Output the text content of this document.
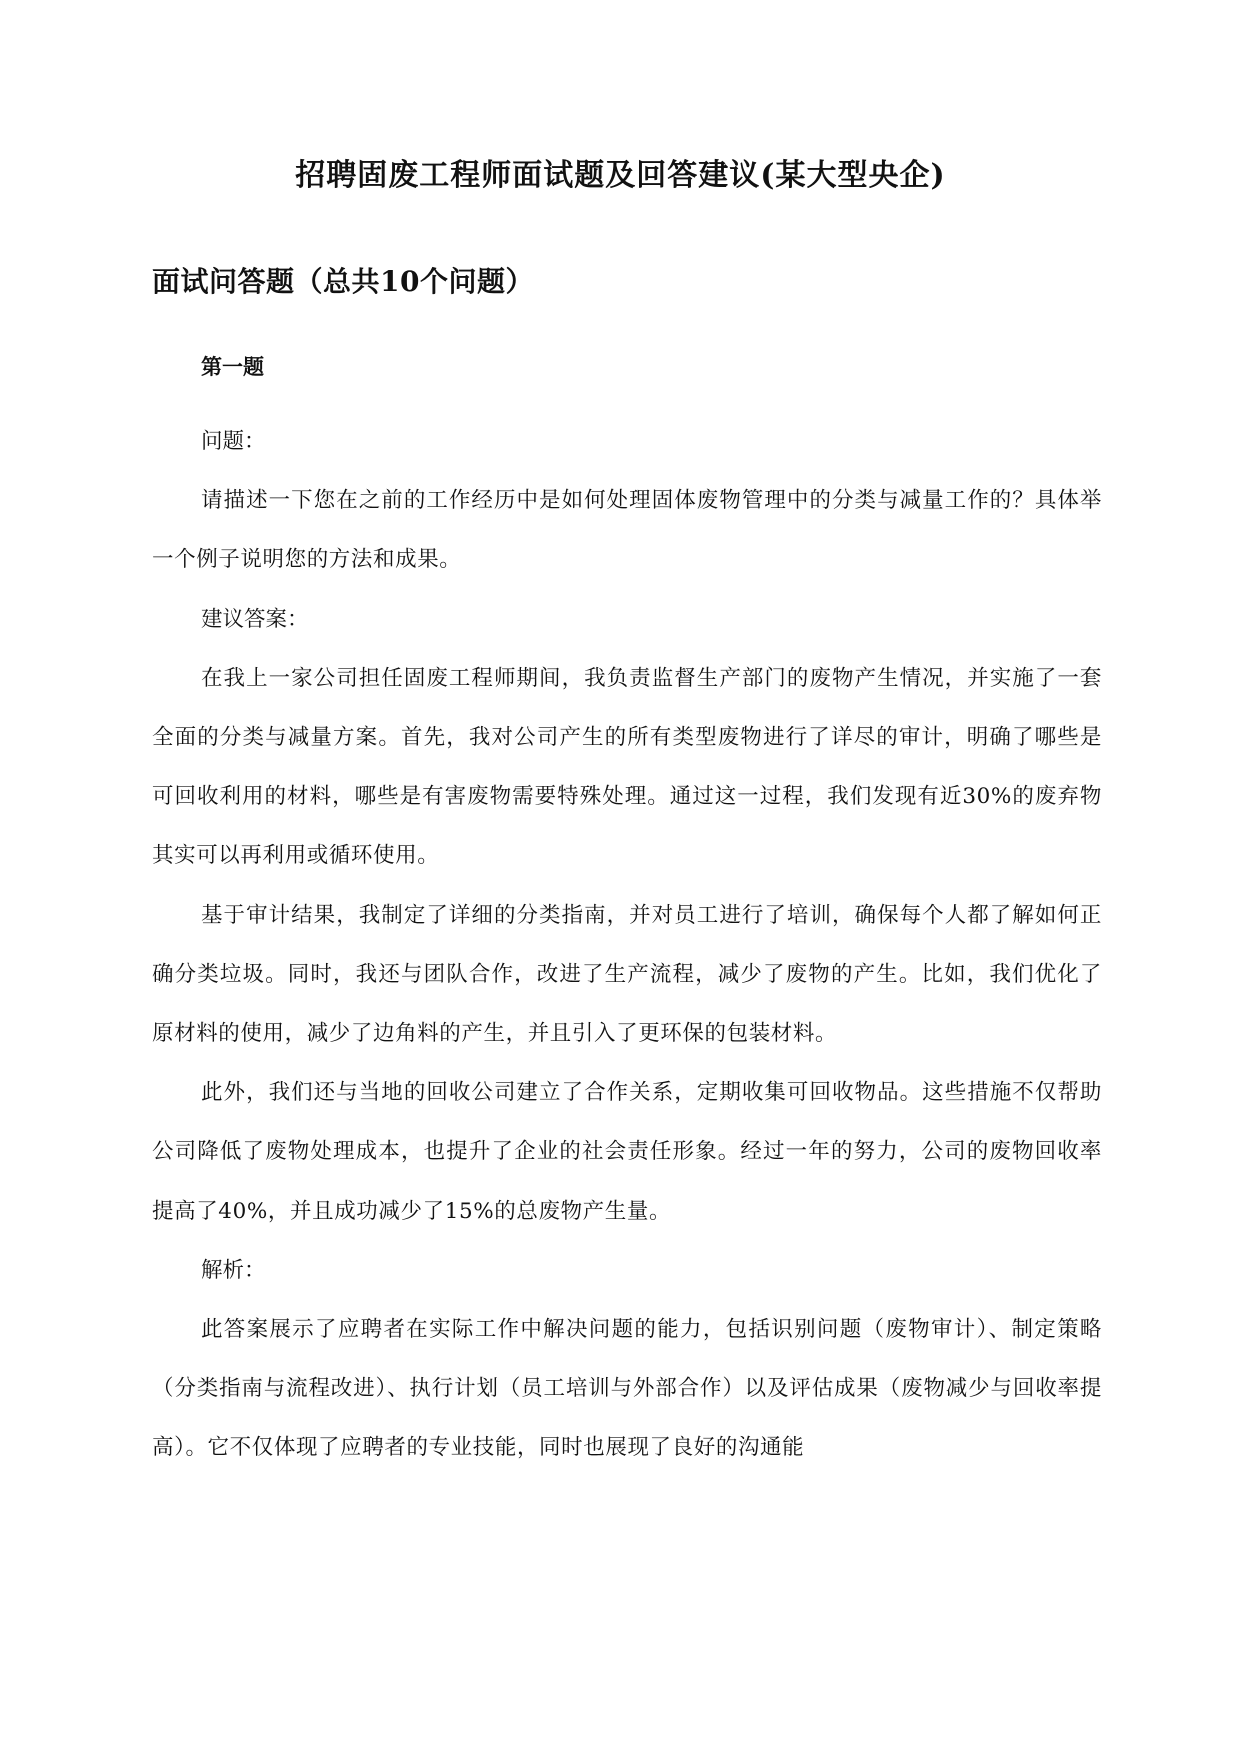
招聘固废工程师面试题及回答建议(某大型央企)
面试问答题（总共10个问题）
第一题

问题：

请描述一下您在之前的工作经历中是如何处理固体废物管理中的分类与减量工作的？具体举一个例子说明您的方法和成果。

建议答案：

在我上一家公司担任固废工程师期间，我负责监督生产部门的废物产生情况，并实施了一套全面的分类与减量方案。首先，我对公司产生的所有类型废物进行了详尽的审计，明确了哪些是可回收利用的材料，哪些是有害废物需要特殊处理。通过这一过程，我们发现有近30%的废弃物其实可以再利用或循环使用。

基于审计结果，我制定了详细的分类指南，并对员工进行了培训，确保每个人都了解如何正确分类垃圾。同时，我还与团队合作，改进了生产流程，减少了废物的产生。比如，我们优化了原材料的使用，减少了边角料的产生，并且引入了更环保的包装材料。

此外，我们还与当地的回收公司建立了合作关系，定期收集可回收物品。这些措施不仅帮助公司降低了废物处理成本，也提升了企业的社会责任形象。经过一年的努力，公司的废物回收率提高了40%，并且成功减少了15%的总废物产生量。

解析：

此答案展示了应聘者在实际工作中解决问题的能力，包括识别问题（废物审计）、制定策略（分类指南与流程改进）、执行计划（员工培训与外部合作）以及评估成果（废物减少与回收率提高）。它不仅体现了应聘者的专业技能，同时也展现了良好的沟通能
